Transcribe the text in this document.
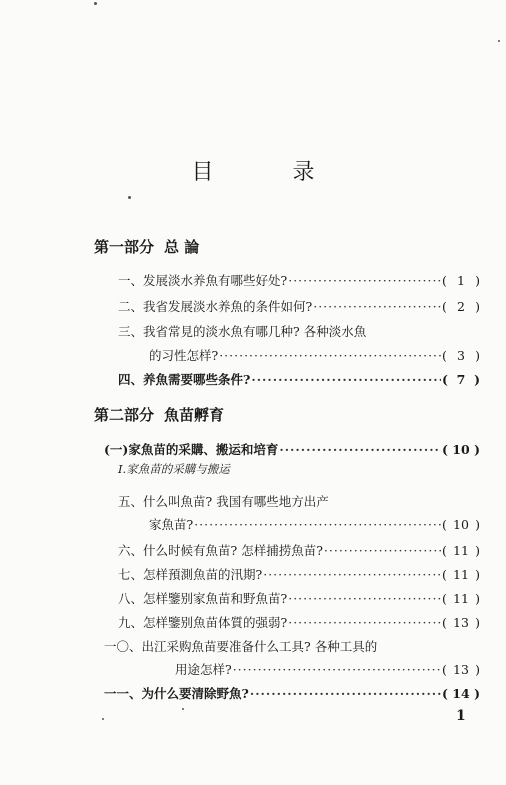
目 录
第一部分 总 論
一、发展淡水养魚有哪些好处? ·····	( 1 )
二、我省发展淡水养魚的条件如何? ·····	( 2 )
三、我省常見的淡水魚有哪几种? 各种淡水魚
的习性怎样? ·····	( 3 )
四、养魚需要哪些条件? ·····	( 7 )
第二部分 魚苗孵育
(一)家魚苗的采購、搬运和培育 ·····	( 10 )
Ⅰ.家魚苗的采購与搬运
五、什么叫魚苗? 我国有哪些地方出产
家魚苗? ·····	( 10 )
六、什么时候有魚苗? 怎样捕捞魚苗? ·····	( 11 )
七、怎样預測魚苗的汛期? ·····	( 11 )
八、怎样鑒别家魚苗和野魚苗? ·····	( 11 )
九、怎样鑒别魚苗体質的强弱? ·····	( 13 )
一〇、出江采购魚苗要准备什么工具? 各种工具的
用途怎样? ·····	( 13 )
一一、为什么要清除野魚? ·····	( 14 )
1
